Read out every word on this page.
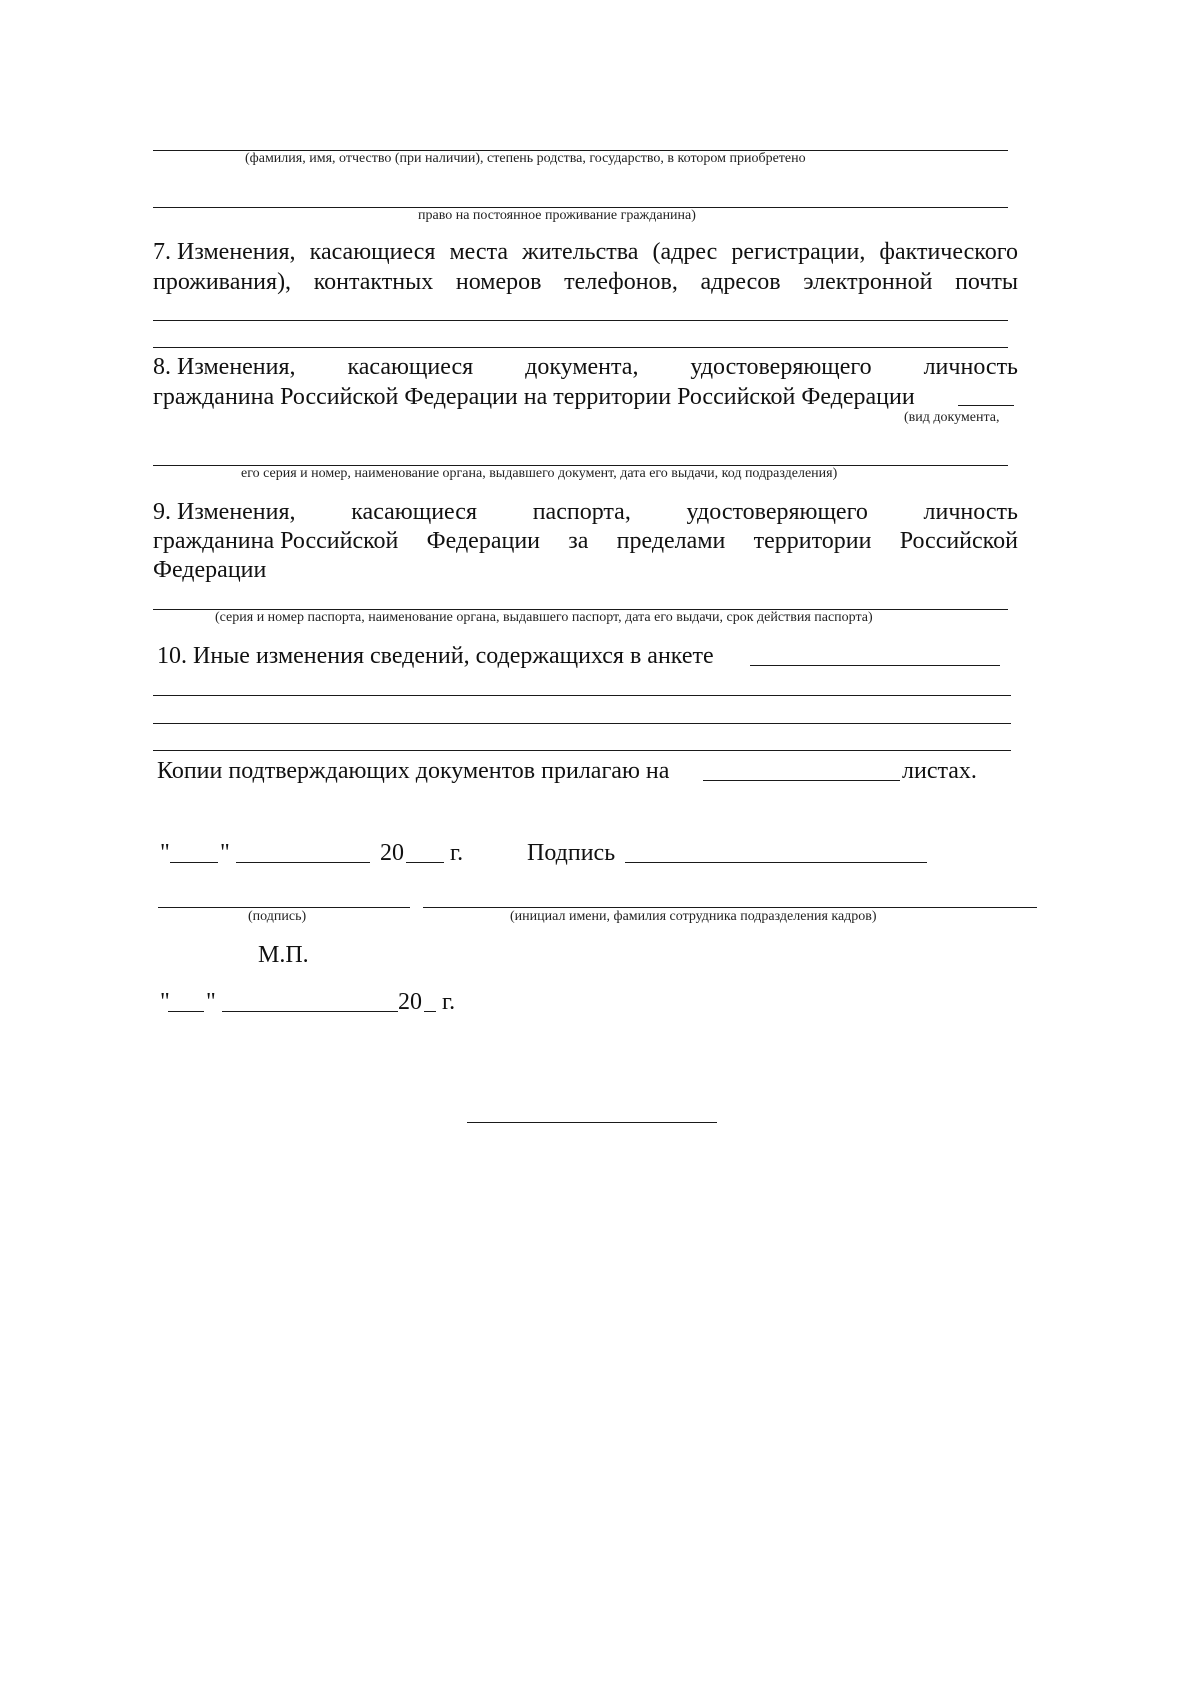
(фамилия, имя, отчество (при наличии), степень родства, государство, в котором приобретено
право на постоянное проживание гражданина)
7. Изменения, касающиеся места жительства (адрес регистрации, фактического
проживания), контактных номеров телефонов, адресов электронной почты
8. Изменения, касающиеся документа, удостоверяющего личность
гражданина Российской Федерации на территории Российской Федерации
(вид документа,
его серия и номер, наименование органа, выдавшего документ, дата его выдачи, код подразделения)
9. Изменения, касающиеся паспорта, удостоверяющего личность
гражданина Российской Федерации за пределами территории Российской
Федерации
(серия и номер паспорта, наименование органа, выдавшего паспорт, дата его выдачи, срок действия паспорта)
10. Иные изменения сведений, содержащихся в анкете
Копии подтверждающих документов прилагаю на	листах.
" "	20 г.	Подпись
(подпись)	(инициал имени, фамилия сотрудника подразделения кадров)
М.П.
" "	20 г.
